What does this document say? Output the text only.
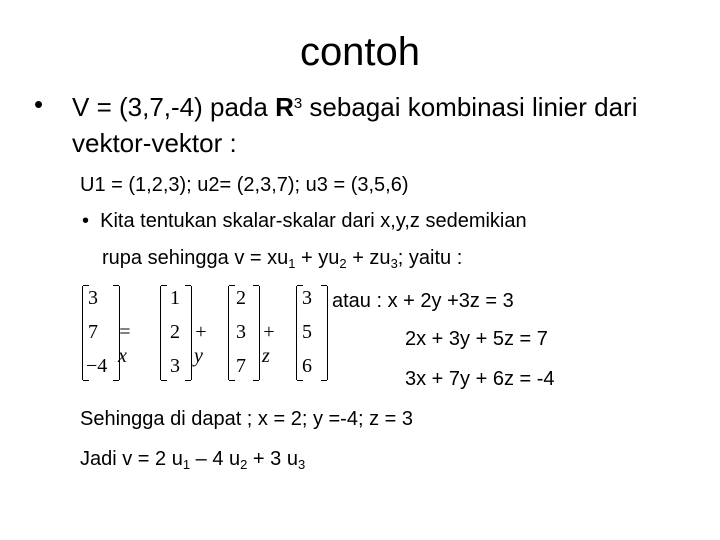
contoh
• V = (3,7,-4) pada $R^3$ sebagai kombinasi linier dari vektor-vektor :
U1 = (1,2,3); u2= (2,3,7); u3 = (3,5,6)
• Kita tentukan skalar-skalar dari x,y,z sedemikian
rupa sehingga $v = xu_1 + yu_2 + zu_3$; yaitu :
3
7
−4
= x
1
2
3
+ y
2
3
7
+ z
3
5
6
atau : x + 2y +3z = 3
2x + 3y + 5z = 7
3x + 7y + 6z = -4
Sehingga di dapat ; x = 2; y =-4; z = 3
Jadi v = 2 $u_1 - 4$ $u_2 + 3$ $u_3$
